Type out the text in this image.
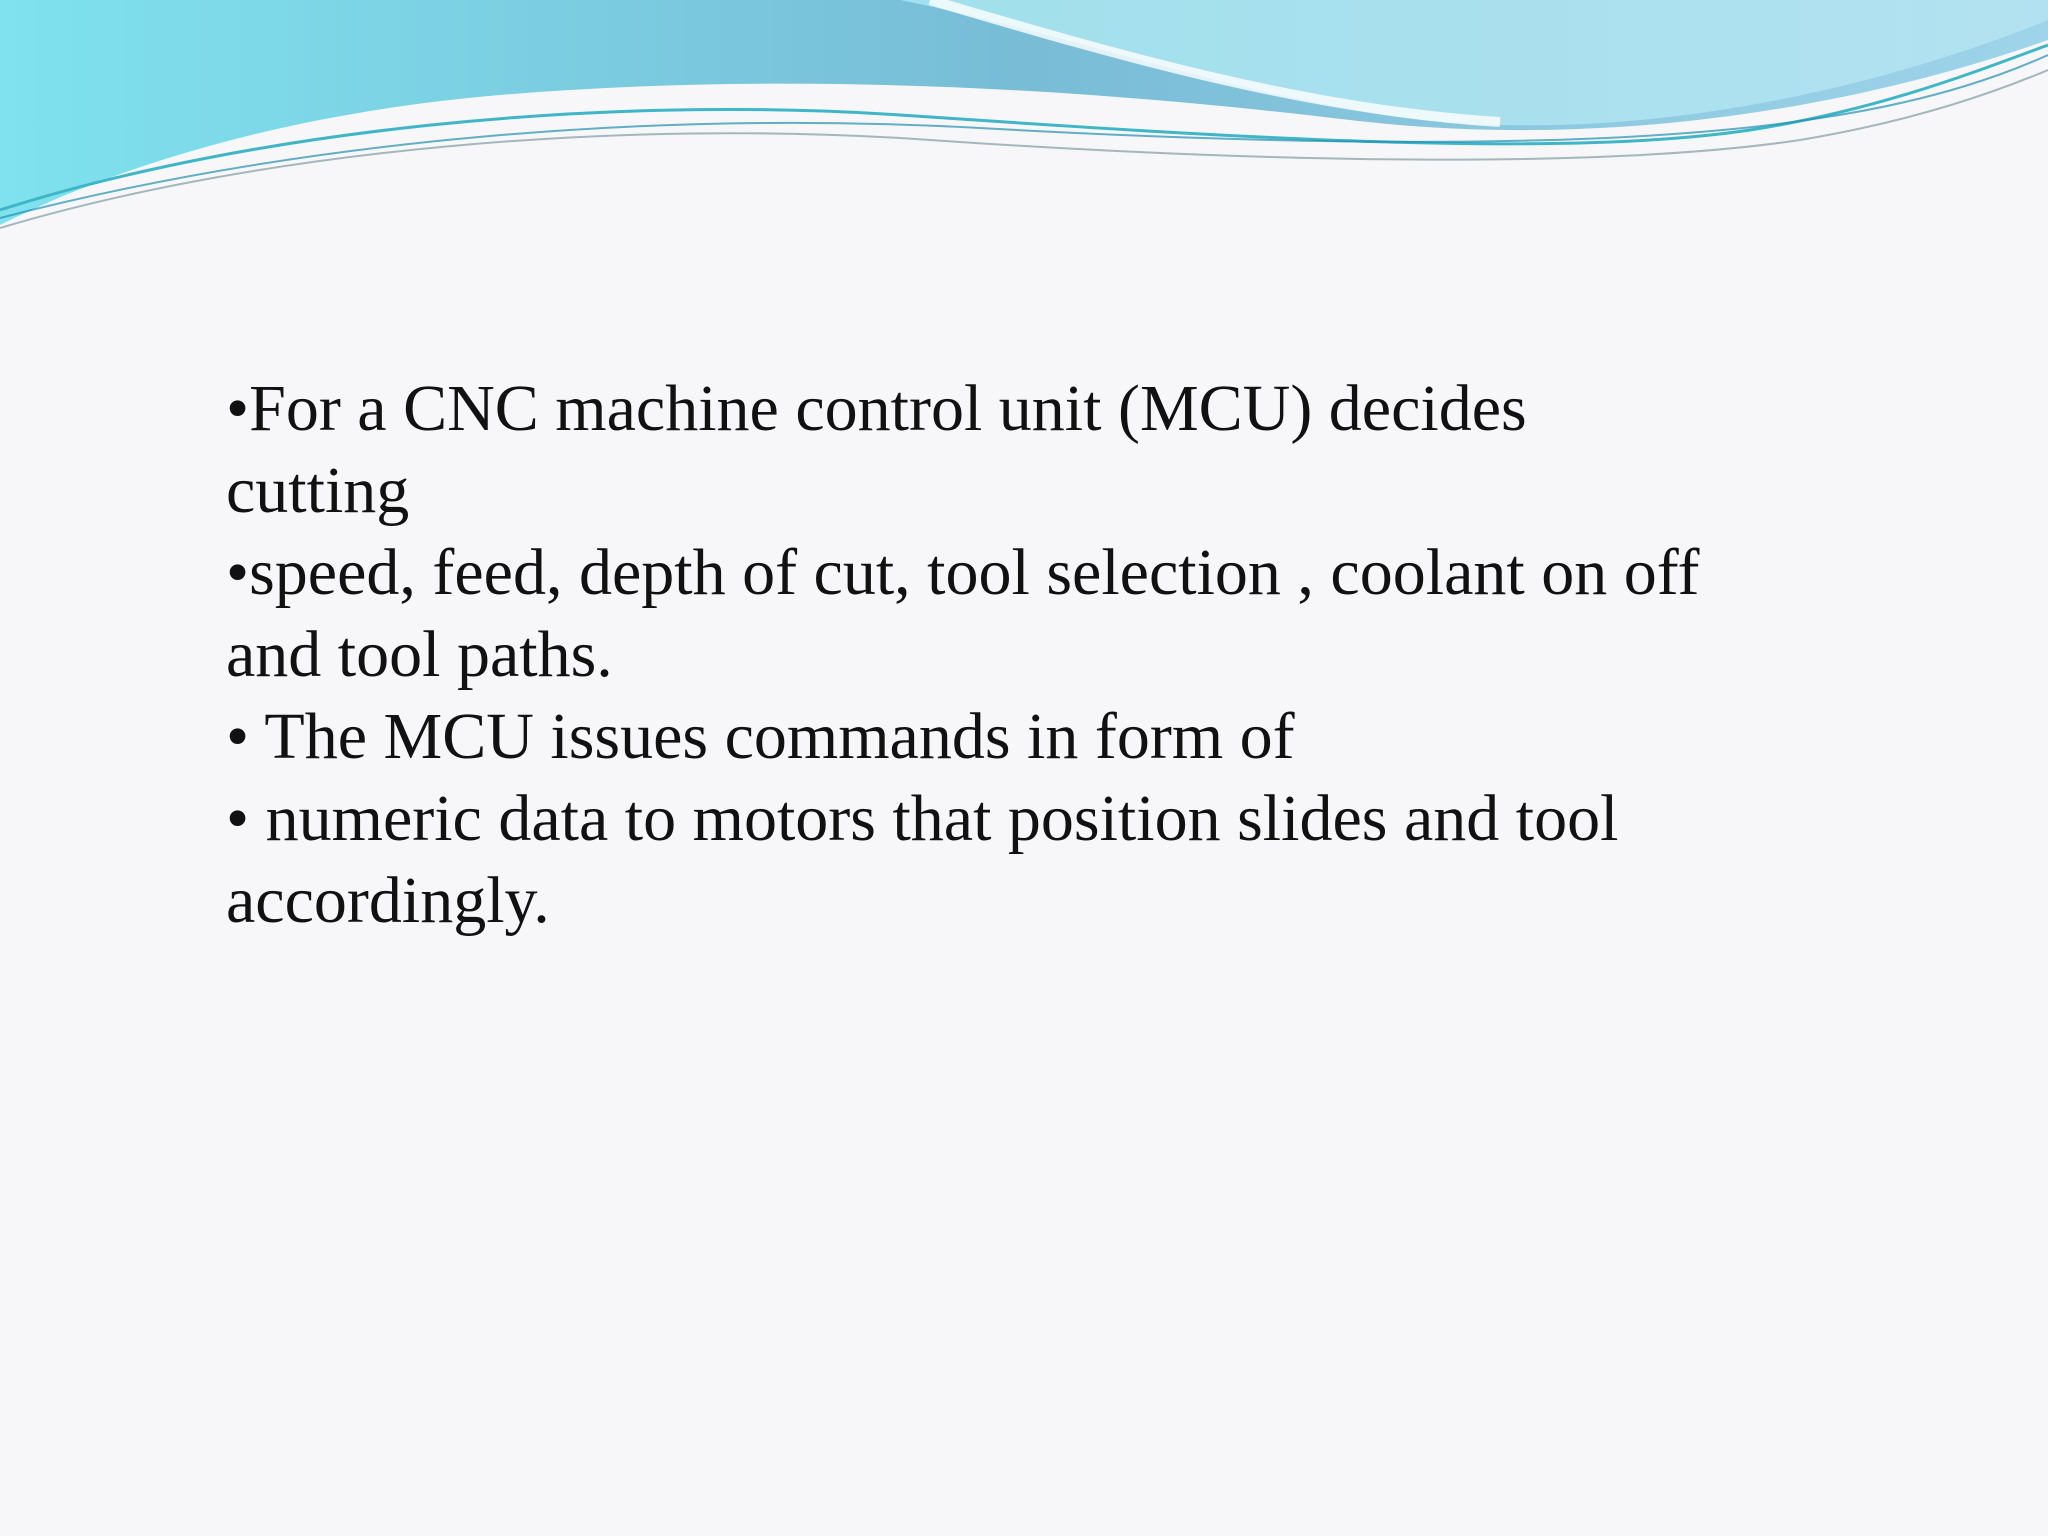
•For a CNC machine control unit (MCU) decides cutting
•speed, feed, depth of cut, tool selection , coolant on off and tool paths.
• The MCU issues commands in form of
• numeric data to motors that position slides and tool accordingly.
